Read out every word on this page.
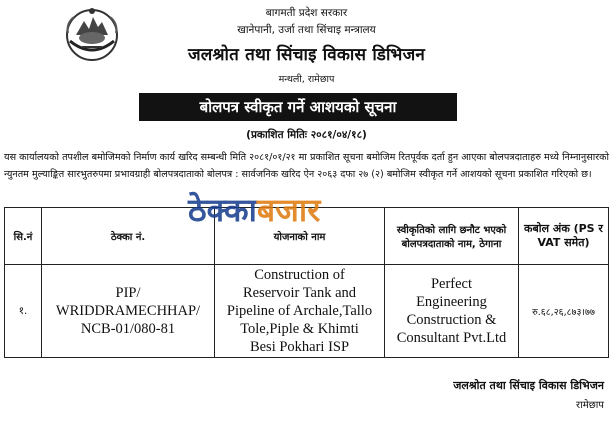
बागमती प्रदेश सरकार
खानेपानी, उर्जा तथा सिंचाइ मन्त्रालय
जलश्रोत तथा सिंचाइ विकास डिभिजन
मन्थली, रामेछाप
बोलपत्र स्वीकृत गर्ने आशयको सूचना
(प्रकाशित मितिः २०८१/०४/१८)
यस कार्यालयको तपशील बमोजिमको निर्माण कार्य खरिद सम्बन्धी मिति २०८१/०१/२१ मा प्रकाशित सूचना बमोजिम रितपूर्वक दर्ता हुन आएका बोलपत्रदाताहरु मध्ये निम्नानुसारको न्युनतम मुल्याङ्कित सारभुतरुपमा प्रभावग्राही बोलपत्रदाताको बोलपत्र : सार्वजनिक खरिद ऐन २०६३ दफा २७ (२) बमोजिम स्वीकृत गर्ने आशयको सूचना प्रकाशित गरिएको छ।
सि.नं	ठेक्का नं.	योजनाको नाम	स्वीकृतिको लागि छनौट भएको बोलपत्रदाताको नाम, ठेगाना	कबोल अंक (PS र VAT समेत)
१.	PIP/
WRIDDRAMECHHAP/
NCB-01/080-81	Construction of
Reservoir Tank and
Pipeline of Archale,Tallo
Tole,Piple & Khimti
Besi Pokhari ISP	Perfect
Engineering
Construction &
Consultant Pvt.Ltd	रु.६८,२६,८७३।७७
ठेक्काबजार
जलश्रोत तथा सिंचाइ विकास डिभिजन
रामेछाप
